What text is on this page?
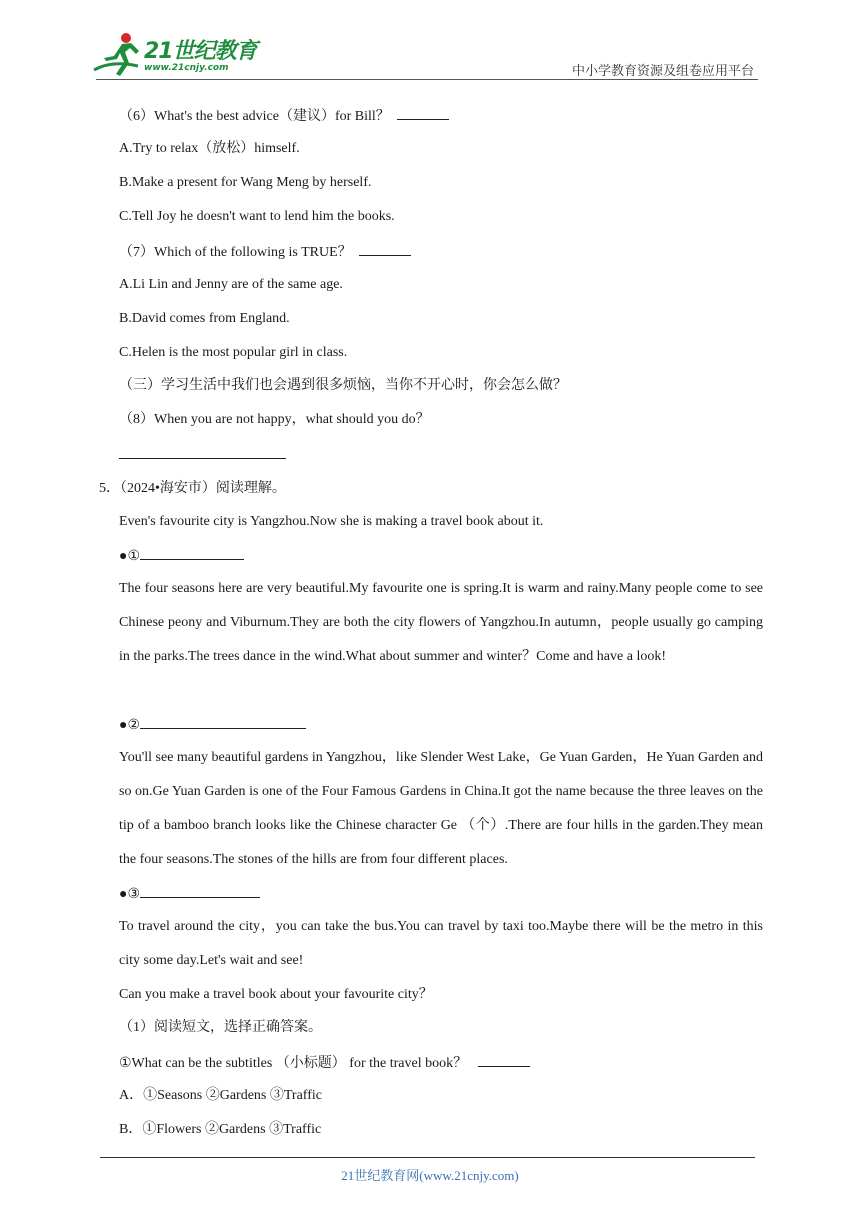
21世纪教育
www.21cnjy.com	中小学教育资源及组卷应用平台
（6）What's the best advice（建议）for Bill？
A.Try to relax（放松）himself.
B.Make a present for Wang Meng by herself.
C.Tell Joy he doesn't want to lend him the books.
（7）Which of the following is TRUE？
A.Li Lin and Jenny are of the same age.
B.David comes from England.
C.Helen is the most popular girl in class.
（三）学习生活中我们也会遇到很多烦恼，当你不开心时，你会怎么做？
（8）When you are not happy，what should you do？
5．（2024•海安市）阅读理解。
Even's favourite city is Yangzhou.Now she is making a travel book about it.
●①
The four seasons here are very beautiful.My favourite one is spring.It is warm and rainy.Many people come to see Chinese peony and Viburnum.They are both the city flowers of Yangzhou.In autumn，people usually go camping in the parks.The trees dance in the wind.What about summer and winter？Come and have a look!
●②
You'll see many beautiful gardens in Yangzhou，like Slender West Lake，Ge Yuan Garden，He Yuan Garden and so on.Ge Yuan Garden is one of the Four Famous Gardens in China.It got the name because the three leaves on the tip of a bamboo branch looks like the Chinese character Ge （个）.There are four hills in the garden.They mean the four seasons.The stones of the hills are from four different places.
●③
To travel around the city，you can take the bus.You can travel by taxi too.Maybe there will be the metro in this city some day.Let's wait and see!
Can you make a travel book about your favourite city？
（1）阅读短文，选择正确答案。
①What can be the subtitles （小标题） for the travel book？
A．①Seasons ②Gardens ③Traffic
B．①Flowers ②Gardens ③Traffic
21世纪教育网(www.21cnjy.com)
